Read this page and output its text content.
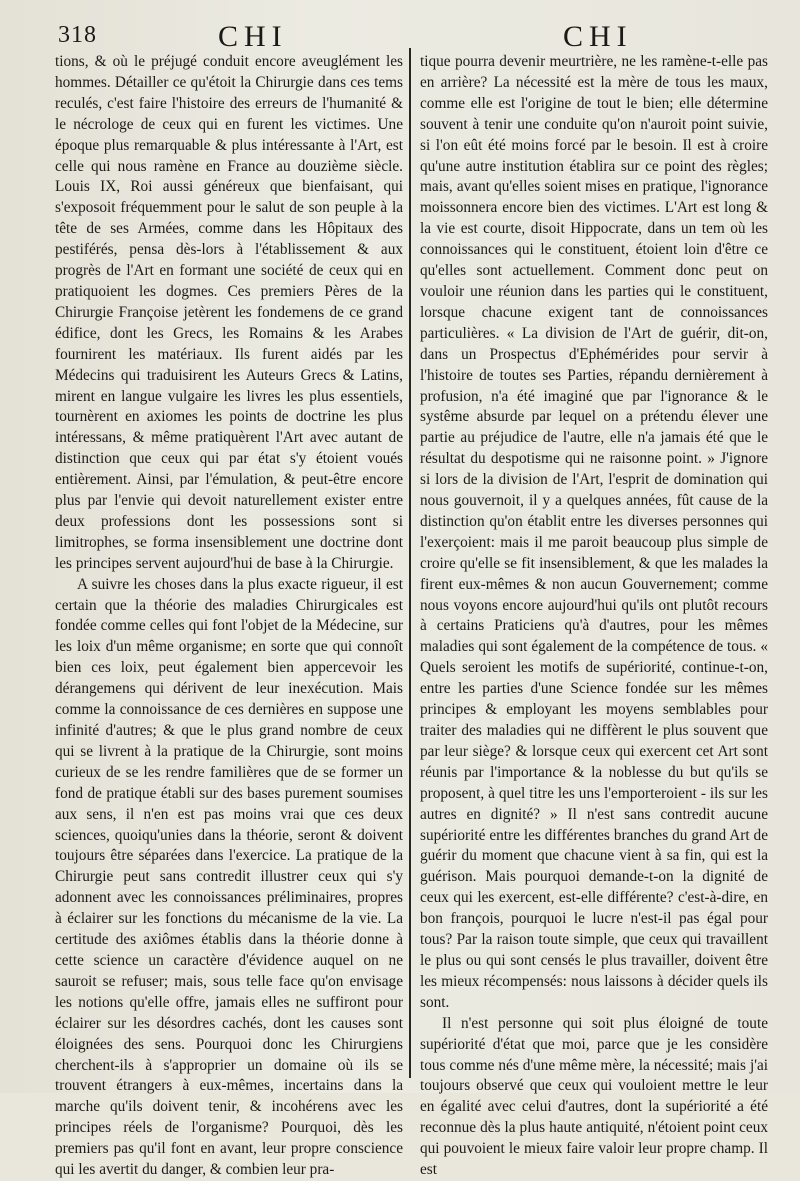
318	CHI	CHI

tions, & où le préjugé conduit encore aveuglément les hommes. Détailler ce qu'étoit la Chirurgie dans ces tems reculés, c'est faire l'histoire des erreurs de l'humanité & le nécrologe de ceux qui en furent les victimes. Une époque plus remarquable & plus intéressante à l'Art, est celle qui nous ramène en France au douzième siècle. Louis IX, Roi aussi généreux que bienfaisant, qui s'exposoit fréquemment pour le salut de son peuple à la tête de ses Armées, comme dans les Hôpitaux des pestiférés, pensa dès-lors à l'établissement & aux progrès de l'Art en formant une société de ceux qui en pratiquoient les dogmes. Ces premiers Pères de la Chirurgie Françoise jetèrent les fondemens de ce grand édifice, dont les Grecs, les Romains & les Arabes fournirent les matériaux. Ils furent aidés par les Médecins qui traduisirent les Auteurs Grecs & Latins, mirent en langue vulgaire les livres les plus essentiels, tournèrent en axiomes les points de doctrine les plus intéressans, & même pratiquèrent l'Art avec autant de distinction que ceux qui par état s'y étoient voués entièrement. Ainsi, par l'émulation, & peut-être encore plus par l'envie qui devoit naturellement exister entre deux professions dont les possessions sont si limitrophes, se forma insensiblement une doctrine dont les principes servent aujourd'hui de base à la Chirurgie.

A suivre les choses dans la plus exacte rigueur, il est certain que la théorie des maladies Chirurgicales est fondée comme celles qui font l'objet de la Médecine, sur les loix d'un même organisme; en sorte que qui connoît bien ces loix, peut également bien appercevoir les dérangemens qui dérivent de leur inexécution. Mais comme la connoissance de ces dernières en suppose une infinité d'autres; & que le plus grand nombre de ceux qui se livrent à la pratique de la Chirurgie, sont moins curieux de se les rendre familières que de se former un fond de pratique établi sur des bases purement soumises aux sens, il n'en est pas moins vrai que ces deux sciences, quoiqu'unies dans la théorie, seront & doivent toujours être séparées dans l'exercice. La pratique de la Chirurgie peut sans contredit illustrer ceux qui s'y adonnent avec les connoissances préliminaires, propres à éclairer sur les fonctions du mécanisme de la vie. La certitude des axiômes établis dans la théorie donne à cette science un caractère d'évidence auquel on ne sauroit se refuser; mais, sous telle face qu'on envisage les notions qu'elle offre, jamais elles ne suffiront pour éclairer sur les désordres cachés, dont les causes sont éloignées des sens. Pourquoi donc les Chirurgiens cherchent-ils à s'approprier un domaine où ils se trouvent étrangers à eux-mêmes, incertains dans la marche qu'ils doivent tenir, & incohérens avec les principes réels de l'organisme? Pourquoi, dès les premiers pas qu'il font en avant, leur propre conscience qui les avertit du danger, & combien leur pra-

tique pourra devenir meurtrière, ne les ramène-t-elle pas en arrière? La nécessité est la mère de tous les maux, comme elle est l'origine de tout le bien; elle détermine souvent à tenir une conduite qu'on n'auroit point suivie, si l'on eût été moins forcé par le besoin. Il est à croire qu'une autre institution établira sur ce point des règles; mais, avant qu'elles soient mises en pratique, l'ignorance moissonnera encore bien des victimes. L'Art est long & la vie est courte, disoit Hippocrate, dans un tem où les connoissances qui le constituent, étoient loin d'être ce qu'elles sont actuellement. Comment donc peut on vouloir une réunion dans les parties qui le constituent, lorsque chacune exigent tant de connoissances particulières. « La division de l'Art de guérir, dit-on, dans un Prospectus d'Ephémérides pour servir à l'histoire de toutes ses Parties, répandu dernièrement à profusion, n'a été imaginé que par l'ignorance & le systême absurde par lequel on a prétendu élever une partie au préjudice de l'autre, elle n'a jamais été que le résultat du despotisme qui ne raisonne point. » J'ignore si lors de la division de l'Art, l'esprit de domination qui nous gouvernoit, il y a quelques années, fût cause de la distinction qu'on établit entre les diverses personnes qui l'exerçoient: mais il me paroit beaucoup plus simple de croire qu'elle se fit insensiblement, & que les malades la firent eux-mêmes & non aucun Gouvernement; comme nous voyons encore aujourd'hui qu'ils ont plutôt recours à certains Praticiens qu'à d'autres, pour les mêmes maladies qui sont également de la compétence de tous. « Quels seroient les motifs de supériorité, continue-t-on, entre les parties d'une Science fondée sur les mêmes principes & employant les moyens semblables pour traiter des maladies qui ne diffèrent le plus souvent que par leur siège? & lorsque ceux qui exercent cet Art sont réunis par l'importance & la noblesse du but qu'ils se proposent, à quel titre les uns l'emporteroient - ils sur les autres en dignité? » Il n'est sans contredit aucune supériorité entre les différentes branches du grand Art de guérir du moment que chacune vient à sa fin, qui est la guérison. Mais pourquoi demande-t-on la dignité de ceux qui les exercent, est-elle différente? c'est-à-dire, en bon françois, pourquoi le lucre n'est-il pas égal pour tous? Par la raison toute simple, que ceux qui travaillent le plus ou qui sont censés le plus travailler, doivent être les mieux récompensés: nous laissons à décider quels ils sont.

Il n'est personne qui soit plus éloigné de toute supériorité d'état que moi, parce que je les considère tous comme nés d'une même mère, la nécessité; mais j'ai toujours observé que ceux qui vouloient mettre le leur en égalité avec celui d'autres, dont la supériorité a été reconnue dès la plus haute antiquité, n'étoient point ceux qui pouvoient le mieux faire valoir leur propre champ. Il est
